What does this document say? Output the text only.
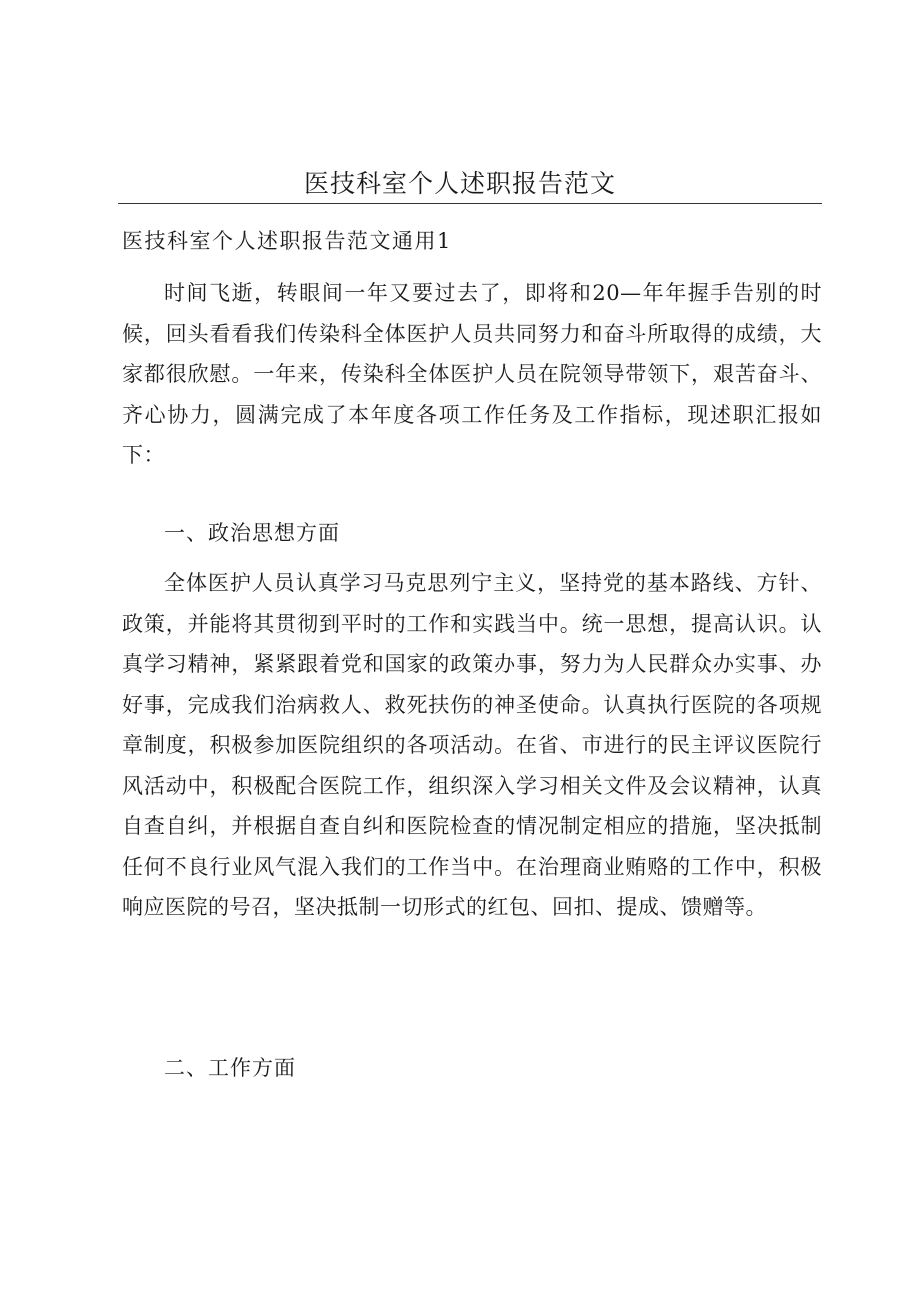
医技科室个人述职报告范文

医技科室个人述职报告范文通用1

时间飞逝，转眼间一年又要过去了，即将和20—年年握手告别的时候，回头看看我们传染科全体医护人员共同努力和奋斗所取得的成绩，大家都很欣慰。一年来，传染科全体医护人员在院领导带领下，艰苦奋斗、齐心协力，圆满完成了本年度各项工作任务及工作指标，现述职汇报如下：

一、政治思想方面

全体医护人员认真学习马克思列宁主义，坚持党的基本路线、方针、政策，并能将其贯彻到平时的工作和实践当中。统一思想，提高认识。认真学习精神，紧紧跟着党和国家的政策办事，努力为人民群众办实事、办好事，完成我们治病救人、救死扶伤的神圣使命。认真执行医院的各项规章制度，积极参加医院组织的各项活动。在省、市进行的民主评议医院行风活动中，积极配合医院工作，组织深入学习相关文件及会议精神，认真自查自纠，并根据自查自纠和医院检查的情况制定相应的措施，坚决抵制任何不良行业风气混入我们的工作当中。在治理商业贿赂的工作中，积极响应医院的号召，坚决抵制一切形式的红包、回扣、提成、馈赠等。

二、工作方面
